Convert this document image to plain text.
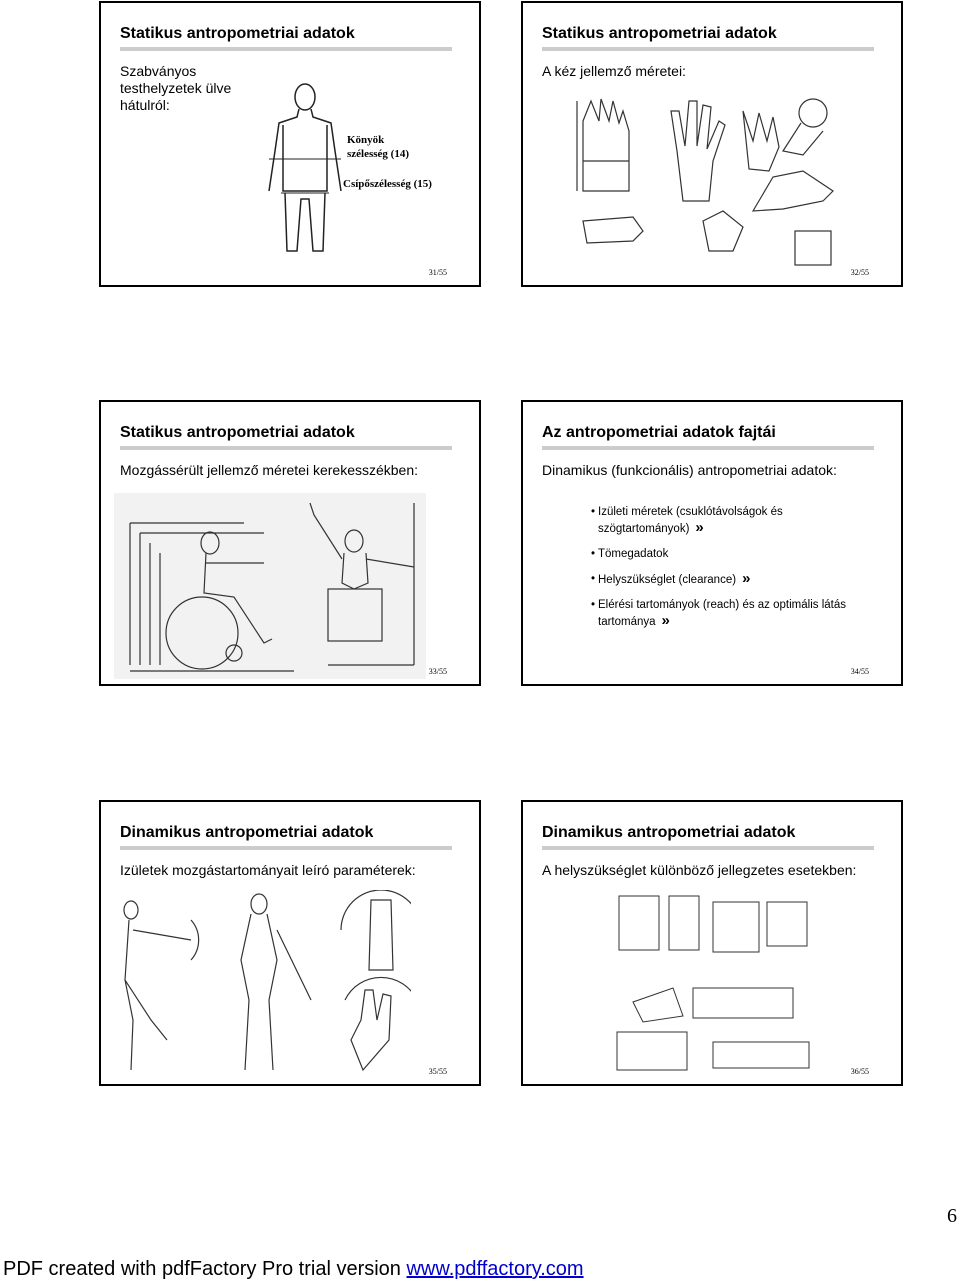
Statikus antropometriai adatok
Szabványos
testhelyzetek ülve
hátulról:
Könyök
szélesség (14)
Csípőszélesség (15)
31/55
Statikus antropometriai adatok
A kéz jellemző méretei:
32/55
Statikus antropometriai adatok
Mozgássérült jellemző méretei kerekesszékben:
33/55
Az antropometriai adatok fajtái
Dinamikus (funkcionális) antropometriai adatok:
• Izületi méretek (csuklótávolságok és szögtartományok) »
• Tömegadatok
• Helyszükséglet (clearance) »
• Elérési tartományok (reach) és az optimális látás tartománya »
34/55
Dinamikus antropometriai adatok
Izületek mozgástartományait leíró paraméterek:
35/55
Dinamikus antropometriai adatok
A helyszükséglet különböző jellegzetes esetekben:
36/55
6
PDF created with pdfFactory Pro trial version www.pdffactory.com
